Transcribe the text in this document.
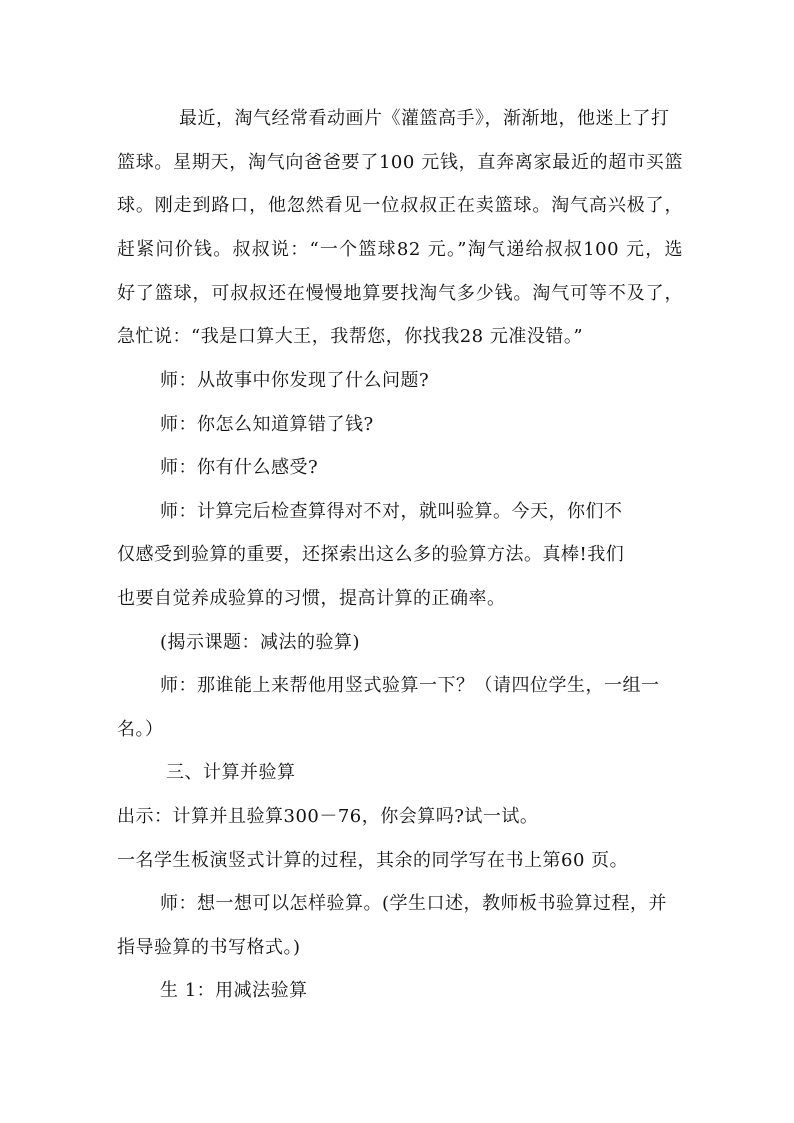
最近，淘气经常看动画片《灌篮高手》，渐渐地，他迷上了打
篮球。星期天，淘气向爸爸要了100 元钱，直奔离家最近的超市买篮
球。刚走到路口，他忽然看见一位叔叔正在卖篮球。淘气高兴极了，
赶紧问价钱。叔叔说：“一个篮球82 元。”淘气递给叔叔100 元，选
好了篮球，可叔叔还在慢慢地算要找淘气多少钱。淘气可等不及了，
急忙说：“我是口算大王，我帮您，你找我28 元准没错。”
师：从故事中你发现了什么问题?
师：你怎么知道算错了钱?
师：你有什么感受?
师：计算完后检查算得对不对，就叫验算。今天，你们不
仅感受到验算的重要，还探索出这么多的验算方法。真棒!我们
也要自觉养成验算的习惯，提高计算的正确率。
(揭示课题：减法的验算)
师：那谁能上来帮他用竖式验算一下？（请四位学生，一组一
名。）
三、计算并验算
出示：计算并且验算300－76，你会算吗?试一试。
一名学生板演竖式计算的过程，其余的同学写在书上第60 页。
师：想一想可以怎样验算。(学生口述，教师板书验算过程，并
指导验算的书写格式。)
生 1：用减法验算
